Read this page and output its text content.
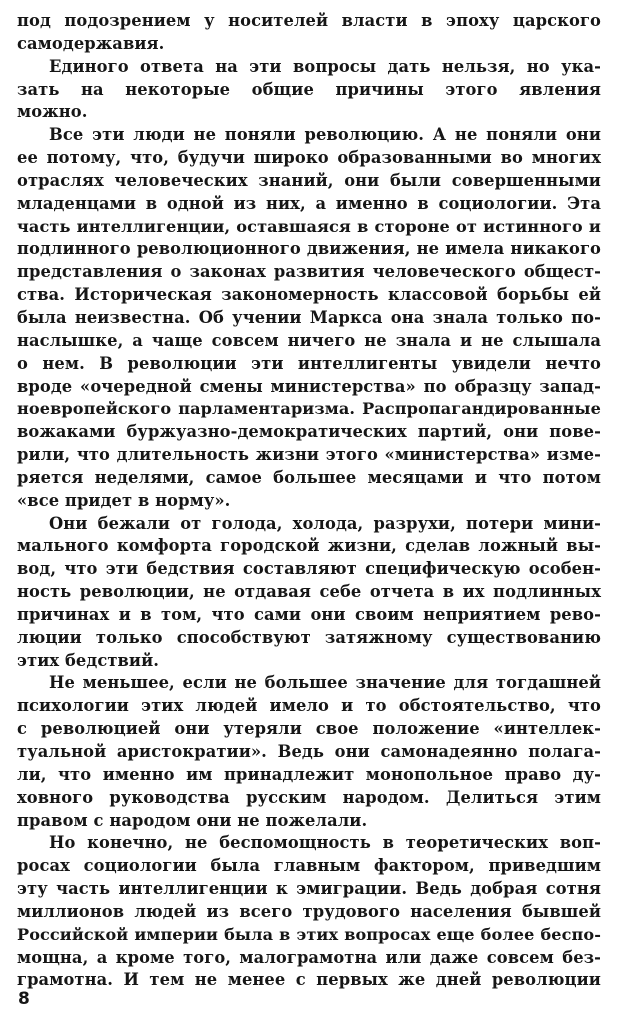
под подозрением у носителей власти в эпоху царского
самодержавия.
Единого ответа на эти вопросы дать нельзя, но ука-
зать на некоторые общие причины этого явления
можно.
Все эти люди не поняли революцию. А не поняли они
ее потому, что, будучи широко образованными во многих
отраслях человеческих знаний, они были совершенными
младенцами в одной из них, а именно в социологии. Эта
часть интеллигенции, оставшаяся в стороне от истинного и
подлинного революционного движения, не имела никакого
представления о законах развития человеческого общест-
ства. Историческая закономерность классовой борьбы ей
была неизвестна. Об учении Маркса она знала только по-
наслышке, а чаще совсем ничего не знала и не слышала
о нем. В революции эти интеллигенты увидели нечто
вроде «очередной смены министерства» по образцу запад-
ноевропейского парламентаризма. Распропагандированные
вожаками буржуазно-демократических партий, они пове-
рили, что длительность жизни этого «министерства» изме-
ряется неделями, самое большее месяцами и что потом
«все придет в норму».
Они бежали от голода, холода, разрухи, потери мини-
мального комфорта городской жизни, сделав ложный вы-
вод, что эти бедствия составляют специфическую особен-
ность революции, не отдавая себе отчета в их подлинных
причинах и в том, что сами они своим неприятием рево-
люции только способствуют затяжному существованию
этих бедствий.
Не меньшее, если не большее значение для тогдашней
психологии этих людей имело и то обстоятельство, что
с революцией они утеряли свое положение «интеллек-
туальной аристократии». Ведь они самонадеянно полага-
ли, что именно им принадлежит монопольное право ду-
ховного руководства русским народом. Делиться этим
правом с народом они не пожелали.
Но конечно, не беспомощность в теоретических воп-
росах социологии была главным фактором, приведшим
эту часть интеллигенции к эмиграции. Ведь добрая сотня
миллионов людей из всего трудового населения бывшей
Российской империи была в этих вопросах еще более беспо-
мощна, а кроме того, малограмотна или даже совсем без-
грамотна. И тем не менее с первых же дней революции
8
